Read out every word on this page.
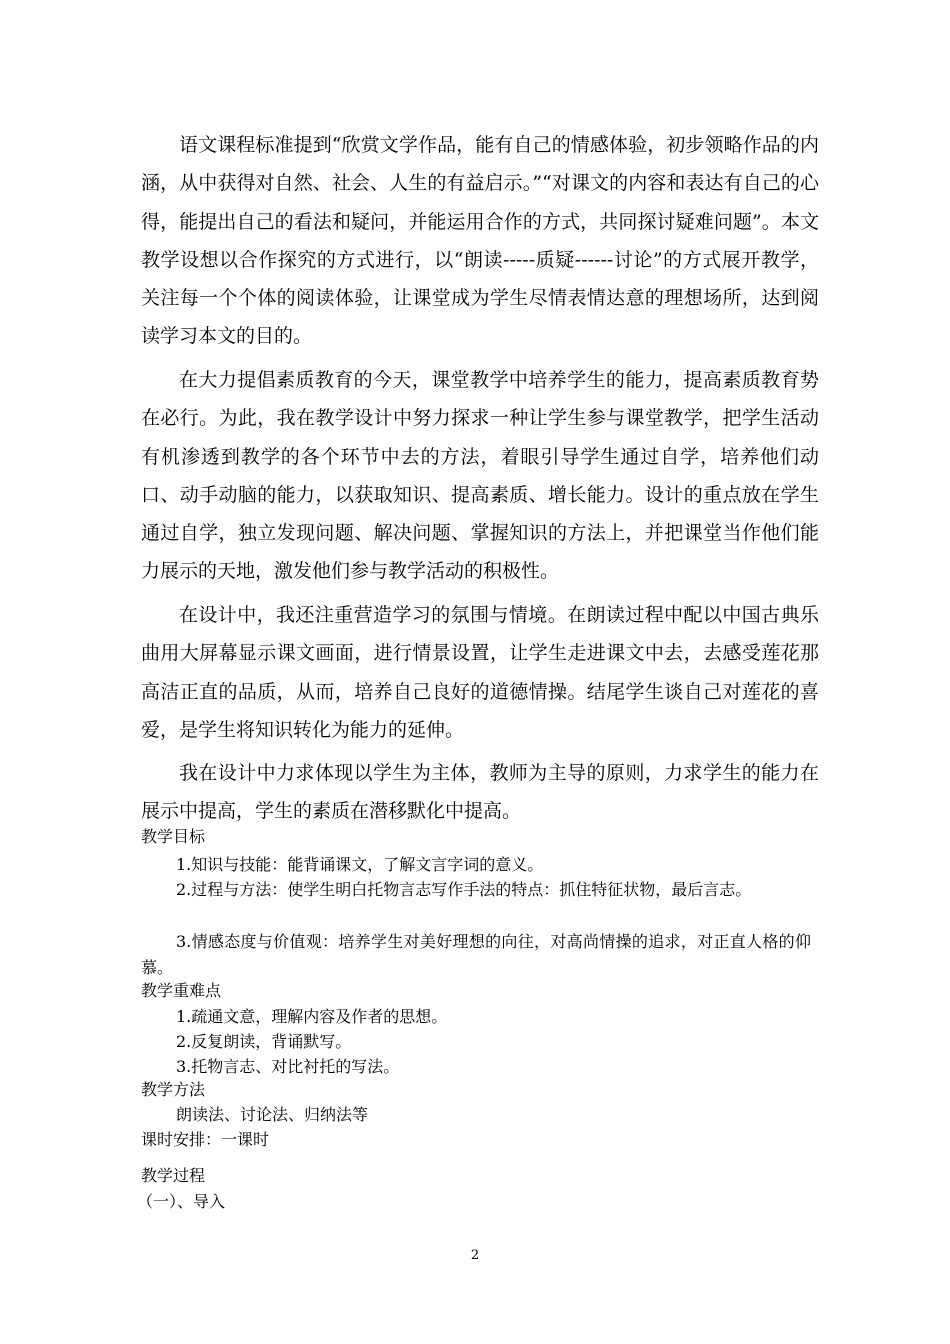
语文课程标准提到“欣赏文学作品，能有自己的情感体验，初步领略作品的内涵，从中获得对自然、社会、人生的有益启示。”“对课文的内容和表达有自己的心得，能提出自己的看法和疑问，并能运用合作的方式，共同探讨疑难问题”。本文教学设想以合作探究的方式进行，以“朗读-----质疑------讨论”的方式展开教学，关注每一个个体的阅读体验，让课堂成为学生尽情表情达意的理想场所，达到阅读学习本文的目的。

在大力提倡素质教育的今天，课堂教学中培养学生的能力，提高素质教育势在必行。为此，我在教学设计中努力探求一种让学生参与课堂教学，把学生活动有机渗透到教学的各个环节中去的方法，着眼引导学生通过自学，培养他们动口、动手动脑的能力，以获取知识、提高素质、增长能力。设计的重点放在学生通过自学，独立发现问题、解决问题、掌握知识的方法上，并把课堂当作他们能力展示的天地，激发他们参与教学活动的积极性。

在设计中，我还注重营造学习的氛围与情境。在朗读过程中配以中国古典乐曲用大屏幕显示课文画面，进行情景设置，让学生走进课文中去，去感受莲花那高洁正直的品质，从而，培养自己良好的道德情操。结尾学生谈自己对莲花的喜爱，是学生将知识转化为能力的延伸。

我在设计中力求体现以学生为主体，教师为主导的原则，力求学生的能力在展示中提高，学生的素质在潜移默化中提高。

教学目标

1.知识与技能：能背诵课文，了解文言字词的意义。

2.过程与方法：使学生明白托物言志写作手法的特点：抓住特征状物，最后言志。

3.情感态度与价值观：培养学生对美好理想的向往，对高尚情操的追求，对正直人格的仰慕。

教学重难点

1.疏通文意，理解内容及作者的思想。

2.反复朗读，背诵默写。

3.托物言志、对比衬托的写法。

教学方法

朗读法、讨论法、归纳法等

课时安排：一课时

教学过程

（一）、导入

2
